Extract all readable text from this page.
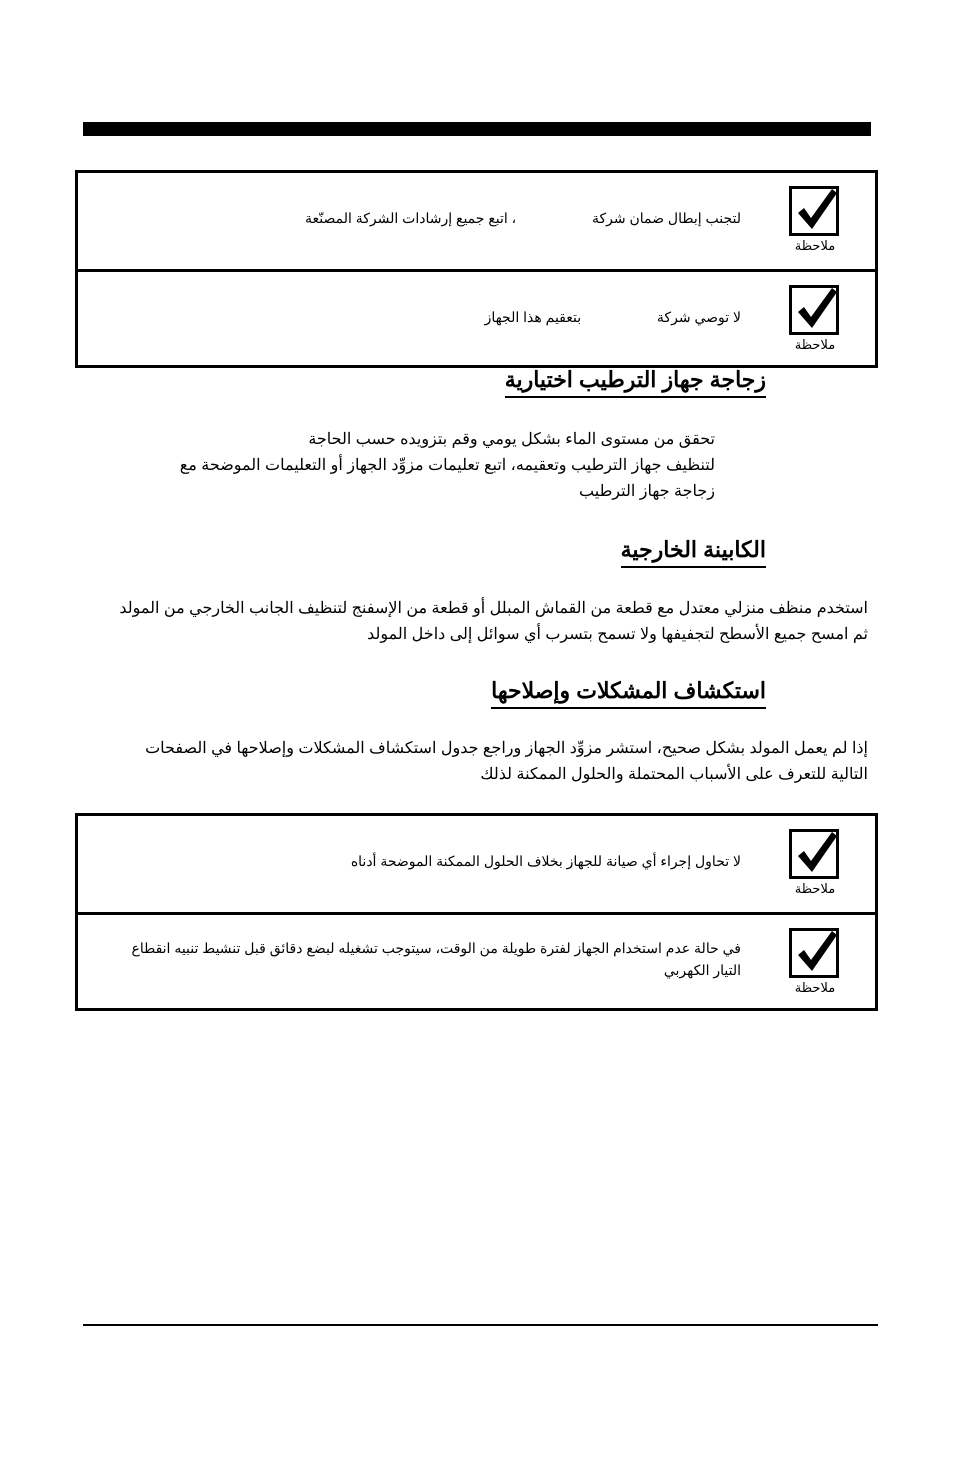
ملاحظة
لتجنب إبطال ضمان شركة  ، اتبع جميع إرشادات الشركة المصنّعة
ملاحظة
لا توصي شركة  بتعقيم هذا الجهاز
زجاجة جهاز الترطيب اختيارية

تحقق من مستوى الماء بشكل يومي وقم بتزويده حسب الحاجة

لتنظيف جهاز الترطيب وتعقيمه، اتبع تعليمات مزوِّد الجهاز أو التعليمات الموضحة مع

زجاجة جهاز الترطيب

الكابينة الخارجية

استخدم منظف منزلي معتدل مع قطعة من القماش المبلل أو قطعة من الإسفنج لتنظيف الجانب الخارجي من المولد

ثم امسح جميع الأسطح لتجفيفها ولا تسمح بتسرب أي سوائل إلى داخل المولد

استكشاف المشكلات وإصلاحها

إذا لم يعمل المولد بشكل صحيح، استشر مزوِّد الجهاز وراجع جدول استكشاف المشكلات وإصلاحها في الصفحات

التالية للتعرف على الأسباب المحتملة والحلول الممكنة لذلك

ملاحظة
لا تحاول إجراء أي صيانة للجهاز بخلاف الحلول الممكنة الموضحة أدناه
ملاحظة
في حالة عدم استخدام الجهاز لفترة طويلة من الوقت، سيتوجب تشغيله لبضع دقائق قبل تنشيط تنبيه انقطاع التيار الكهربي
